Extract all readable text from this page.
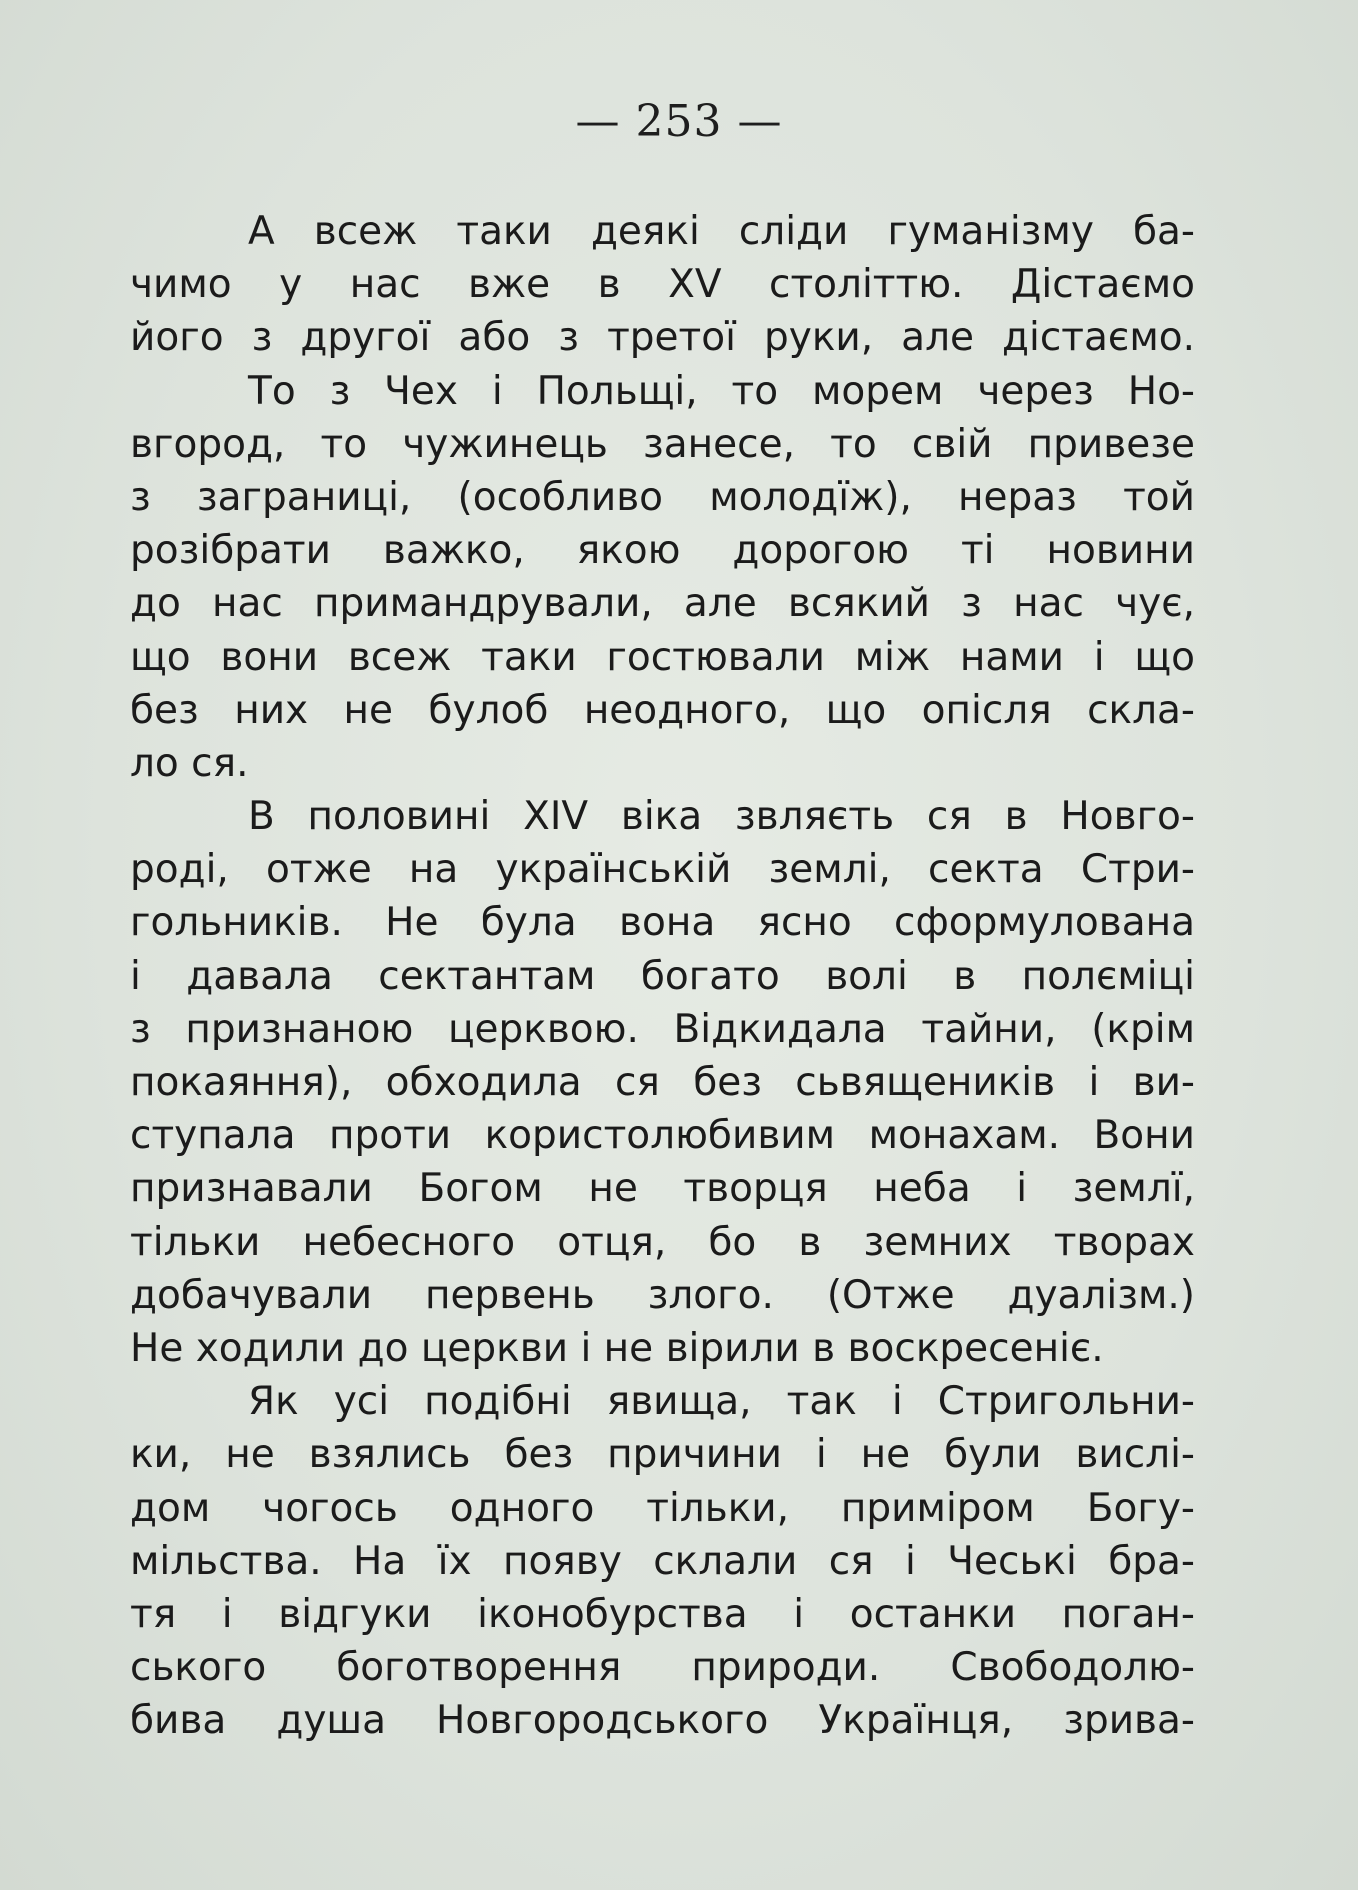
— 253 —
А всеж таки деякі сліди гуманізму ба-
чимо у нас вже в XV століттю. Дістаємо
його з другої або з третої руки, але дістаємо.
То з Чех і Польщі, то морем через Но-
вгород, то чужинець занесе, то свій привезе
з заграниці, (особливо молодїж), нераз той
розібрати важко, якою дорогою ті новини
до нас примандрували, але всякий з нас чує,
що вони всеж таки гостювали між нами і що
без них не булоб неодного, що опісля скла-
ло ся.
В половині XIV віка звляєть ся в Новго-
роді, отже на українській землі, секта Стри-
гольників. Не була вона ясно сформулована
і давала сектантам богато волі в полєміці
з признаною церквою. Відкидала тайни, (крім
покаяння), обходила ся без сьвящеників і ви-
ступала проти користолюбивим монахам. Вони
признавали Богом не творця неба і землї,
тільки небесного отця, бо в земних творах
добачували первень злого. (Отже дуалізм.)
Не ходили до церкви і не вірили в воскресеніє.
Як усі подібні явища, так і Стригольни-
ки, не взялись без причини і не були вислі-
дом чогось одного тільки, приміром Богу-
мільства. На їх появу склали ся і Чеські бра-
тя і відгуки іконобурства і останки поган-
ського боготворення природи. Свободолю-
бива душа Новгородського Українця, зрива-
